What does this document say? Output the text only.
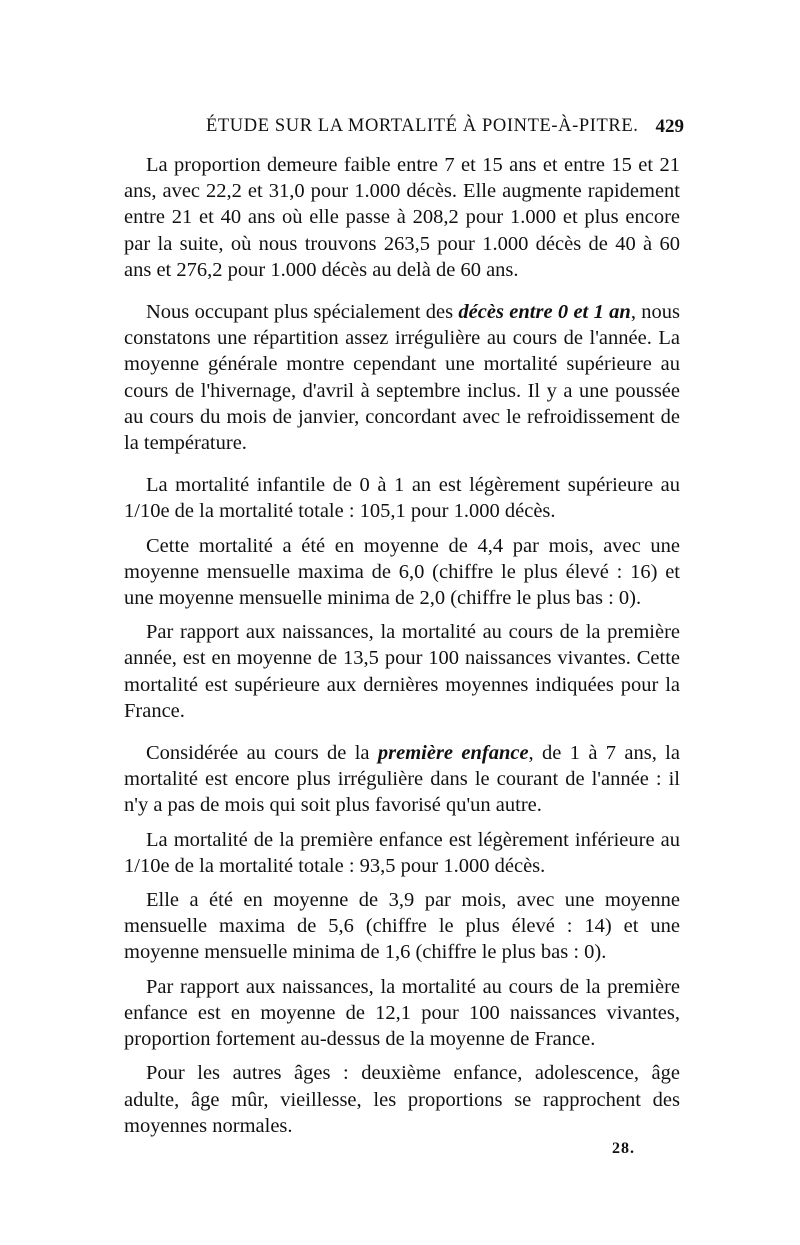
ÉTUDE SUR LA MORTALITÉ À POINTE-À-PITRE. 429

La proportion demeure faible entre 7 et 15 ans et entre 15 et 21 ans, avec 22,2 et 31,0 pour 1.000 décès. Elle augmente rapidement entre 21 et 40 ans où elle passe à 208,2 pour 1.000 et plus encore par la suite, où nous trouvons 263,5 pour 1.000 décès de 40 à 60 ans et 276,2 pour 1.000 décès au delà de 60 ans.

Nous occupant plus spécialement des décès entre 0 et 1 an, nous constatons une répartition assez irrégulière au cours de l'année. La moyenne générale montre cependant une mortalité supérieure au cours de l'hivernage, d'avril à septembre inclus. Il y a une poussée au cours du mois de janvier, concordant avec le refroidissement de la température.

La mortalité infantile de 0 à 1 an est légèrement supérieure au 1/10e de la mortalité totale : 105,1 pour 1.000 décès.

Cette mortalité a été en moyenne de 4,4 par mois, avec une moyenne mensuelle maxima de 6,0 (chiffre le plus élevé : 16) et une moyenne mensuelle minima de 2,0 (chiffre le plus bas : 0).

Par rapport aux naissances, la mortalité au cours de la première année, est en moyenne de 13,5 pour 100 naissances vivantes. Cette mortalité est supérieure aux dernières moyennes indiquées pour la France.

Considérée au cours de la première enfance, de 1 à 7 ans, la mortalité est encore plus irrégulière dans le courant de l'année : il n'y a pas de mois qui soit plus favorisé qu'un autre.

La mortalité de la première enfance est légèrement inférieure au 1/10e de la mortalité totale : 93,5 pour 1.000 décès.

Elle a été en moyenne de 3,9 par mois, avec une moyenne mensuelle maxima de 5,6 (chiffre le plus élevé : 14) et une moyenne mensuelle minima de 1,6 (chiffre le plus bas : 0).

Par rapport aux naissances, la mortalité au cours de la première enfance est en moyenne de 12,1 pour 100 naissances vivantes, proportion fortement au-dessus de la moyenne de France.

Pour les autres âges : deuxième enfance, adolescence, âge adulte, âge mûr, vieillesse, les proportions se rapprochent des moyennes normales.

28.
